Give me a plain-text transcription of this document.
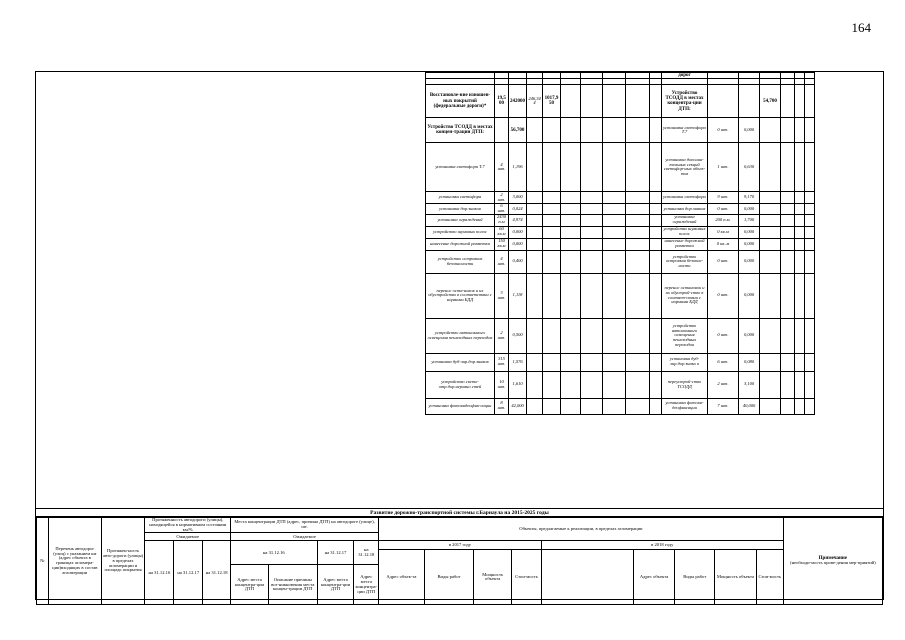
164
										дорог						

Восстановле-ние изношен-ных покрытий (федеральные дороги)*	19,5 00	242000	246,34 4	1017,9 50						Устройство ТСОДД в местах концентра-ции ДТП:			54,700			
Устройство ТСОДД в местах концен-трации ДТП:		56,700								установка светофора Т.7	0 шт.	0,000				
установка светофора Т.7	4 шт.	1,196								установка дополни-тельных секций светофор-ных объек-тов	1 шт.	0,630				
установка светофора	2 шт.	3,000								установка светофора	9 шт.	9,170				
установка дор.знаков	6 шт.	0,024								установка дор.знаков	0 шт.	0,000				
установка ограждений	2430 п.м	4,974								установка ограждений	200 п.м.	1,700				
устройство шумовых полос	60 кв.м	0,000								устройство шумовых полос	0 кв.м	0,000				
нанесение дорожной разметки	150 кв.м	0,000								нанесение дорожной разметки	0 кв..м	0,000				
устройство островков безопасности	4 шт.	0,400								устройство островков безопас-ности	0 шт.	0,000				
перенос оста-новок и их обустройство в соответствии с нормами БДД	3 шт.	1,118								перенос остановок и их обустрой-ство в соответ-ствии с нормами БДД	0 шт.	0,000				
устройство автономного освещения пешеходных переходов	2 шт.	0,500								устройство автономного освещения пешеходных переходов	0 шт.	0,000				
установка дуб-лир.дор.знаков	315 шт.	1,576								установка дуб-лир.дор.знако в	6 шт.	0,080				
устройство свето-отр.дор.неровно стей	10 шт.	1,610								переустрой-ство ТСОДД	2 шт.	3,100				
установка фотовидеофик-сации	8 шт.	42,000								установка фотови-деофиксации	7 шт.	40,000				
Развитие дорожно-транспортной системы г.Барнаула на 2015-2025 годы
№	Перечень автодорог (улиц) с указанием км (адрес объекта в границах агломера-ции)входящих в состав агломерации	Протяжен-ность авто-дороги (улицы) в пределах агломерации и площадь покрытия	Протяженность автодороги (улицы), находящейся в нормативном состоянии км/%			Места концентрации ДТП (адрес, причина ДТП) на автодороге (улице), шт.				Объекты, предлагаемые к реализации, в пределах агломерации									Примечание
(необходи-мость прове-дения мер-приятий)
			Ожидаемое			Ожидаемое													
			на 31.12.16	на 31.12.17	на 31.12.18	на 31.12.16		на 31.12.17	на 31.12.18	в 2017 году				в 2018 году					
										Адрес объек-та	Виды работ	Мощность объекта	Стои-мость		Адрес объекта	Виды работ	Мощность объекта	Стои-мость	
						Адрес места концентра-ции ДТП	Описание причины воз-никновения места концен-трации ДТП	Адрес места концентра-ции ДТП	Адрес места концентра-ции ДТП										
